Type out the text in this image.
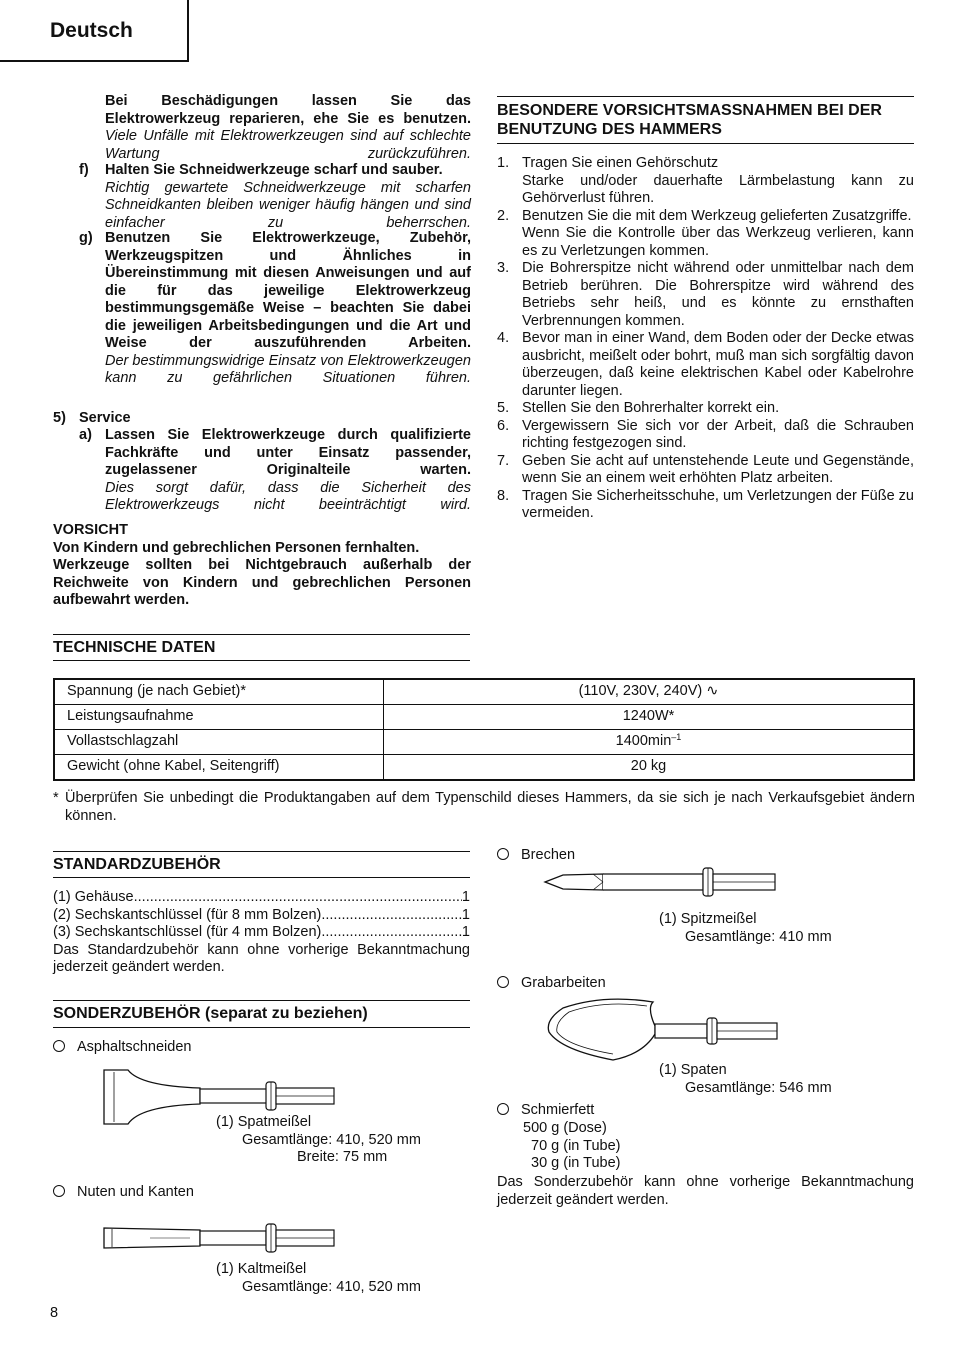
Deutsch
Bei Beschädigungen lassen Sie das Elektrowerkzeug reparieren, ehe Sie es benutzen.
Viele Unfälle mit Elektrowerkzeugen sind auf schlechte Wartung zurückzuführen.
f) Halten Sie Schneidwerkzeuge scharf und sauber.
Richtig gewartete Schneidwerkzeuge mit scharfen Schneidkanten bleiben weniger häufig hängen und sind einfacher zu beherrschen.
g) Benutzen Sie Elektrowerkzeuge, Zubehör, Werkzeugspitzen und Ähnliches in Übereinstimmung mit diesen Anweisungen und auf die für das jeweilige Elektrowerkzeug bestimmungsgemäße Weise – beachten Sie dabei die jeweiligen Arbeitsbedingungen und die Art und Weise der auszuführenden Arbeiten.
Der bestimmungswidrige Einsatz von Elektrowerkzeugen kann zu gefährlichen Situationen führen.
5) Service
a) Lassen Sie Elektrowerkzeuge durch qualifizierte Fachkräfte und unter Einsatz passender, zugelassener Originalteile warten.
Dies sorgt dafür, dass die Sicherheit des Elektrowerkzeugs nicht beeinträchtigt wird.
VORSICHT
Von Kindern und gebrechlichen Personen fernhalten.
Werkzeuge sollten bei Nichtgebrauch außerhalb der Reichweite von Kindern und gebrechlichen Personen aufbewahrt werden.
BESONDERE VORSICHTSMASSNAHMEN BEI DER BENUTZUNG DES HAMMERS
1. Tragen Sie einen Gehörschutz
Starke und/oder dauerhafte Lärmbelastung kann zu Gehörverlust führen.
2. Benutzen Sie die mit dem Werkzeug gelieferten Zusatzgriffe.
Wenn Sie die Kontrolle über das Werkzeug verlieren, kann es zu Verletzungen kommen.
3. Die Bohrerspitze nicht während oder unmittelbar nach dem Betrieb berühren. Die Bohrerspitze wird während des Betriebs sehr heiß, und es könnte zu ernsthaften Verbrennungen kommen.
4. Bevor man in einer Wand, dem Boden oder der Decke etwas ausbricht, meißelt oder bohrt, muß man sich sorgfältig davon überzeugen, daß keine elektrischen Kabel oder Kabelrohre darunter liegen.
5. Stellen Sie den Bohrerhalter korrekt ein.
6. Vergewissern Sie sich vor der Arbeit, daß die Schrauben richting festgezogen sind.
7. Geben Sie acht auf untenstehende Leute und Gegenstände, wenn Sie an einem weit erhöhten Platz arbeiten.
8. Tragen Sie Sicherheitsschuhe, um Verletzungen der Füße zu vermeiden.
TECHNISCHE DATEN
Spannung (je nach Gebiet)*	(110V, 230V, 240V) ∿
Leistungsaufnahme	1240W*
Vollastschlagzahl	$1400\min^{-1}$
Gewicht (ohne Kabel, Seitengriff)	20 kg
* Überprüfen Sie unbedingt die Produktangaben auf dem Typenschild dieses Hammers, da sie sich je nach Verkaufsgebiet ändern können.
STANDARDZUBEHÖR
(1) Gehäuse .....	1
(2) Sechskantschlüssel (für 8 mm Bolzen) .....	1
(3) Sechskantschlüssel (für 4 mm Bolzen) .....	1
Das Standardzubehör kann ohne vorherige Bekanntmachung jederzeit geändert werden.
SONDERZUBEHÖR (separat zu beziehen)
Asphaltschneiden
(1) Spatmeißel
Gesamtlänge: 410, 520 mm
Breite: 75 mm
Nuten und Kanten
(1) Kaltmeißel
Gesamtlänge: 410, 520 mm
Brechen
(1) Spitzmeißel
Gesamtlänge: 410 mm
Grabarbeiten
(1) Spaten
Gesamtlänge: 546 mm
Schmierfett
500 g (Dose)
70 g (in Tube)
30 g (in Tube)
Das Sonderzubehör kann ohne vorherige Bekanntmachung jederzeit geändert werden.
8
